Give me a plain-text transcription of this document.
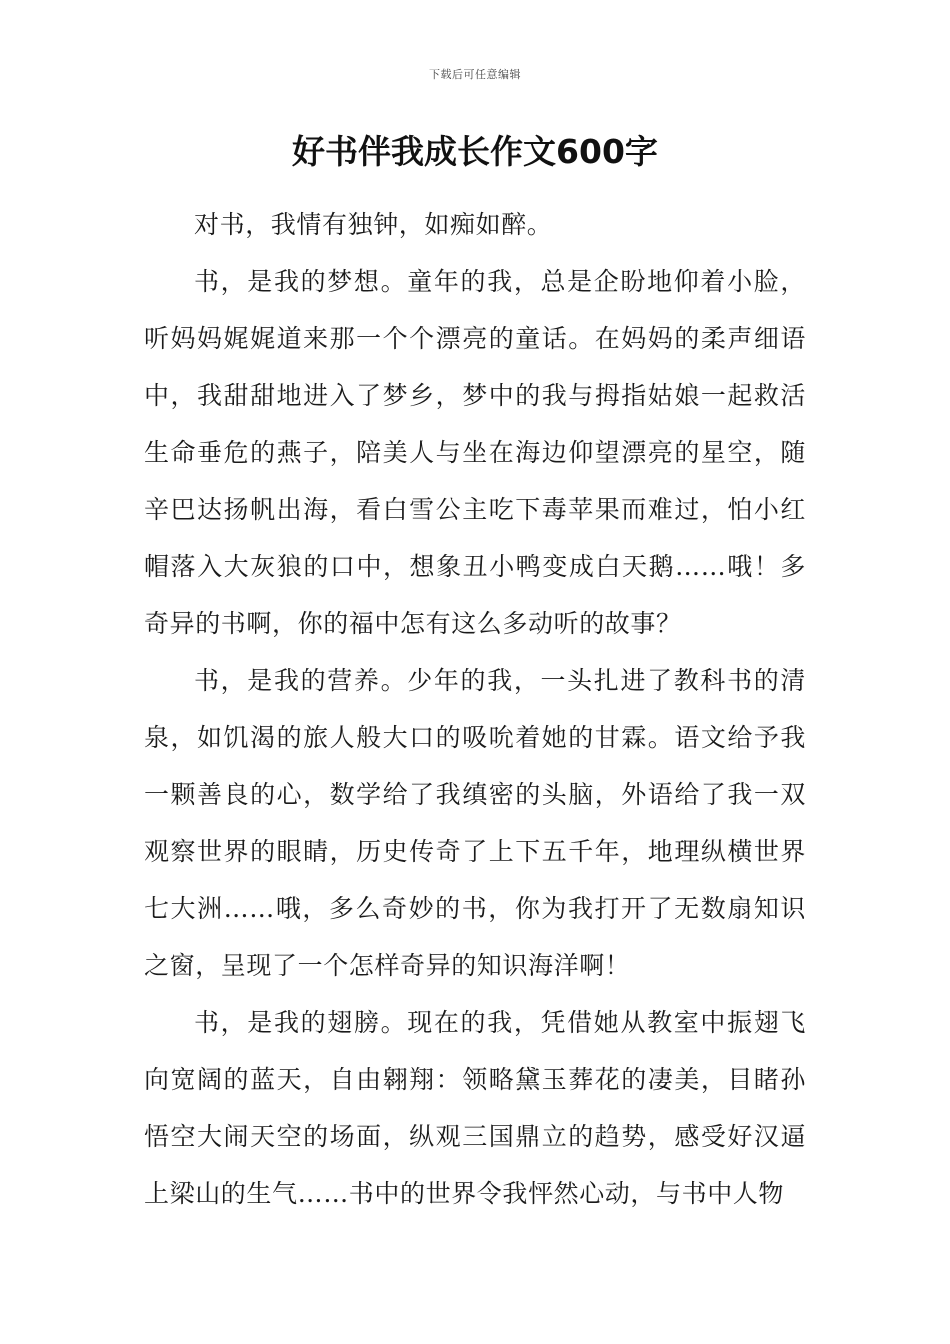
下载后可任意编辑
好书伴我成长作文600字

对书，我情有独钟，如痴如醉。

书，是我的梦想。童年的我，总是企盼地仰着小脸，听妈妈娓娓道来那一个个漂亮的童话。在妈妈的柔声细语中，我甜甜地进入了梦乡，梦中的我与拇指姑娘一起救活生命垂危的燕子，陪美人与坐在海边仰望漂亮的星空，随辛巴达扬帆出海，看白雪公主吃下毒苹果而难过，怕小红帽落入大灰狼的口中，想象丑小鸭变成白天鹅……哦！多奇异的书啊，你的福中怎有这么多动听的故事？

书，是我的营养。少年的我，一头扎进了教科书的清泉，如饥渴的旅人般大口的吸吮着她的甘霖。语文给予我一颗善良的心，数学给了我缜密的头脑，外语给了我一双观察世界的眼睛，历史传奇了上下五千年，地理纵横世界七大洲……哦，多么奇妙的书，你为我打开了无数扇知识之窗，呈现了一个怎样奇异的知识海洋啊！

书，是我的翅膀。现在的我，凭借她从教室中振翅飞向宽阔的蓝天，自由翱翔：领略黛玉葬花的凄美，目睹孙悟空大闹天空的场面，纵观三国鼎立的趋势，感受好汉逼上梁山的生气……书中的世界令我怦然心动，与书中人物
